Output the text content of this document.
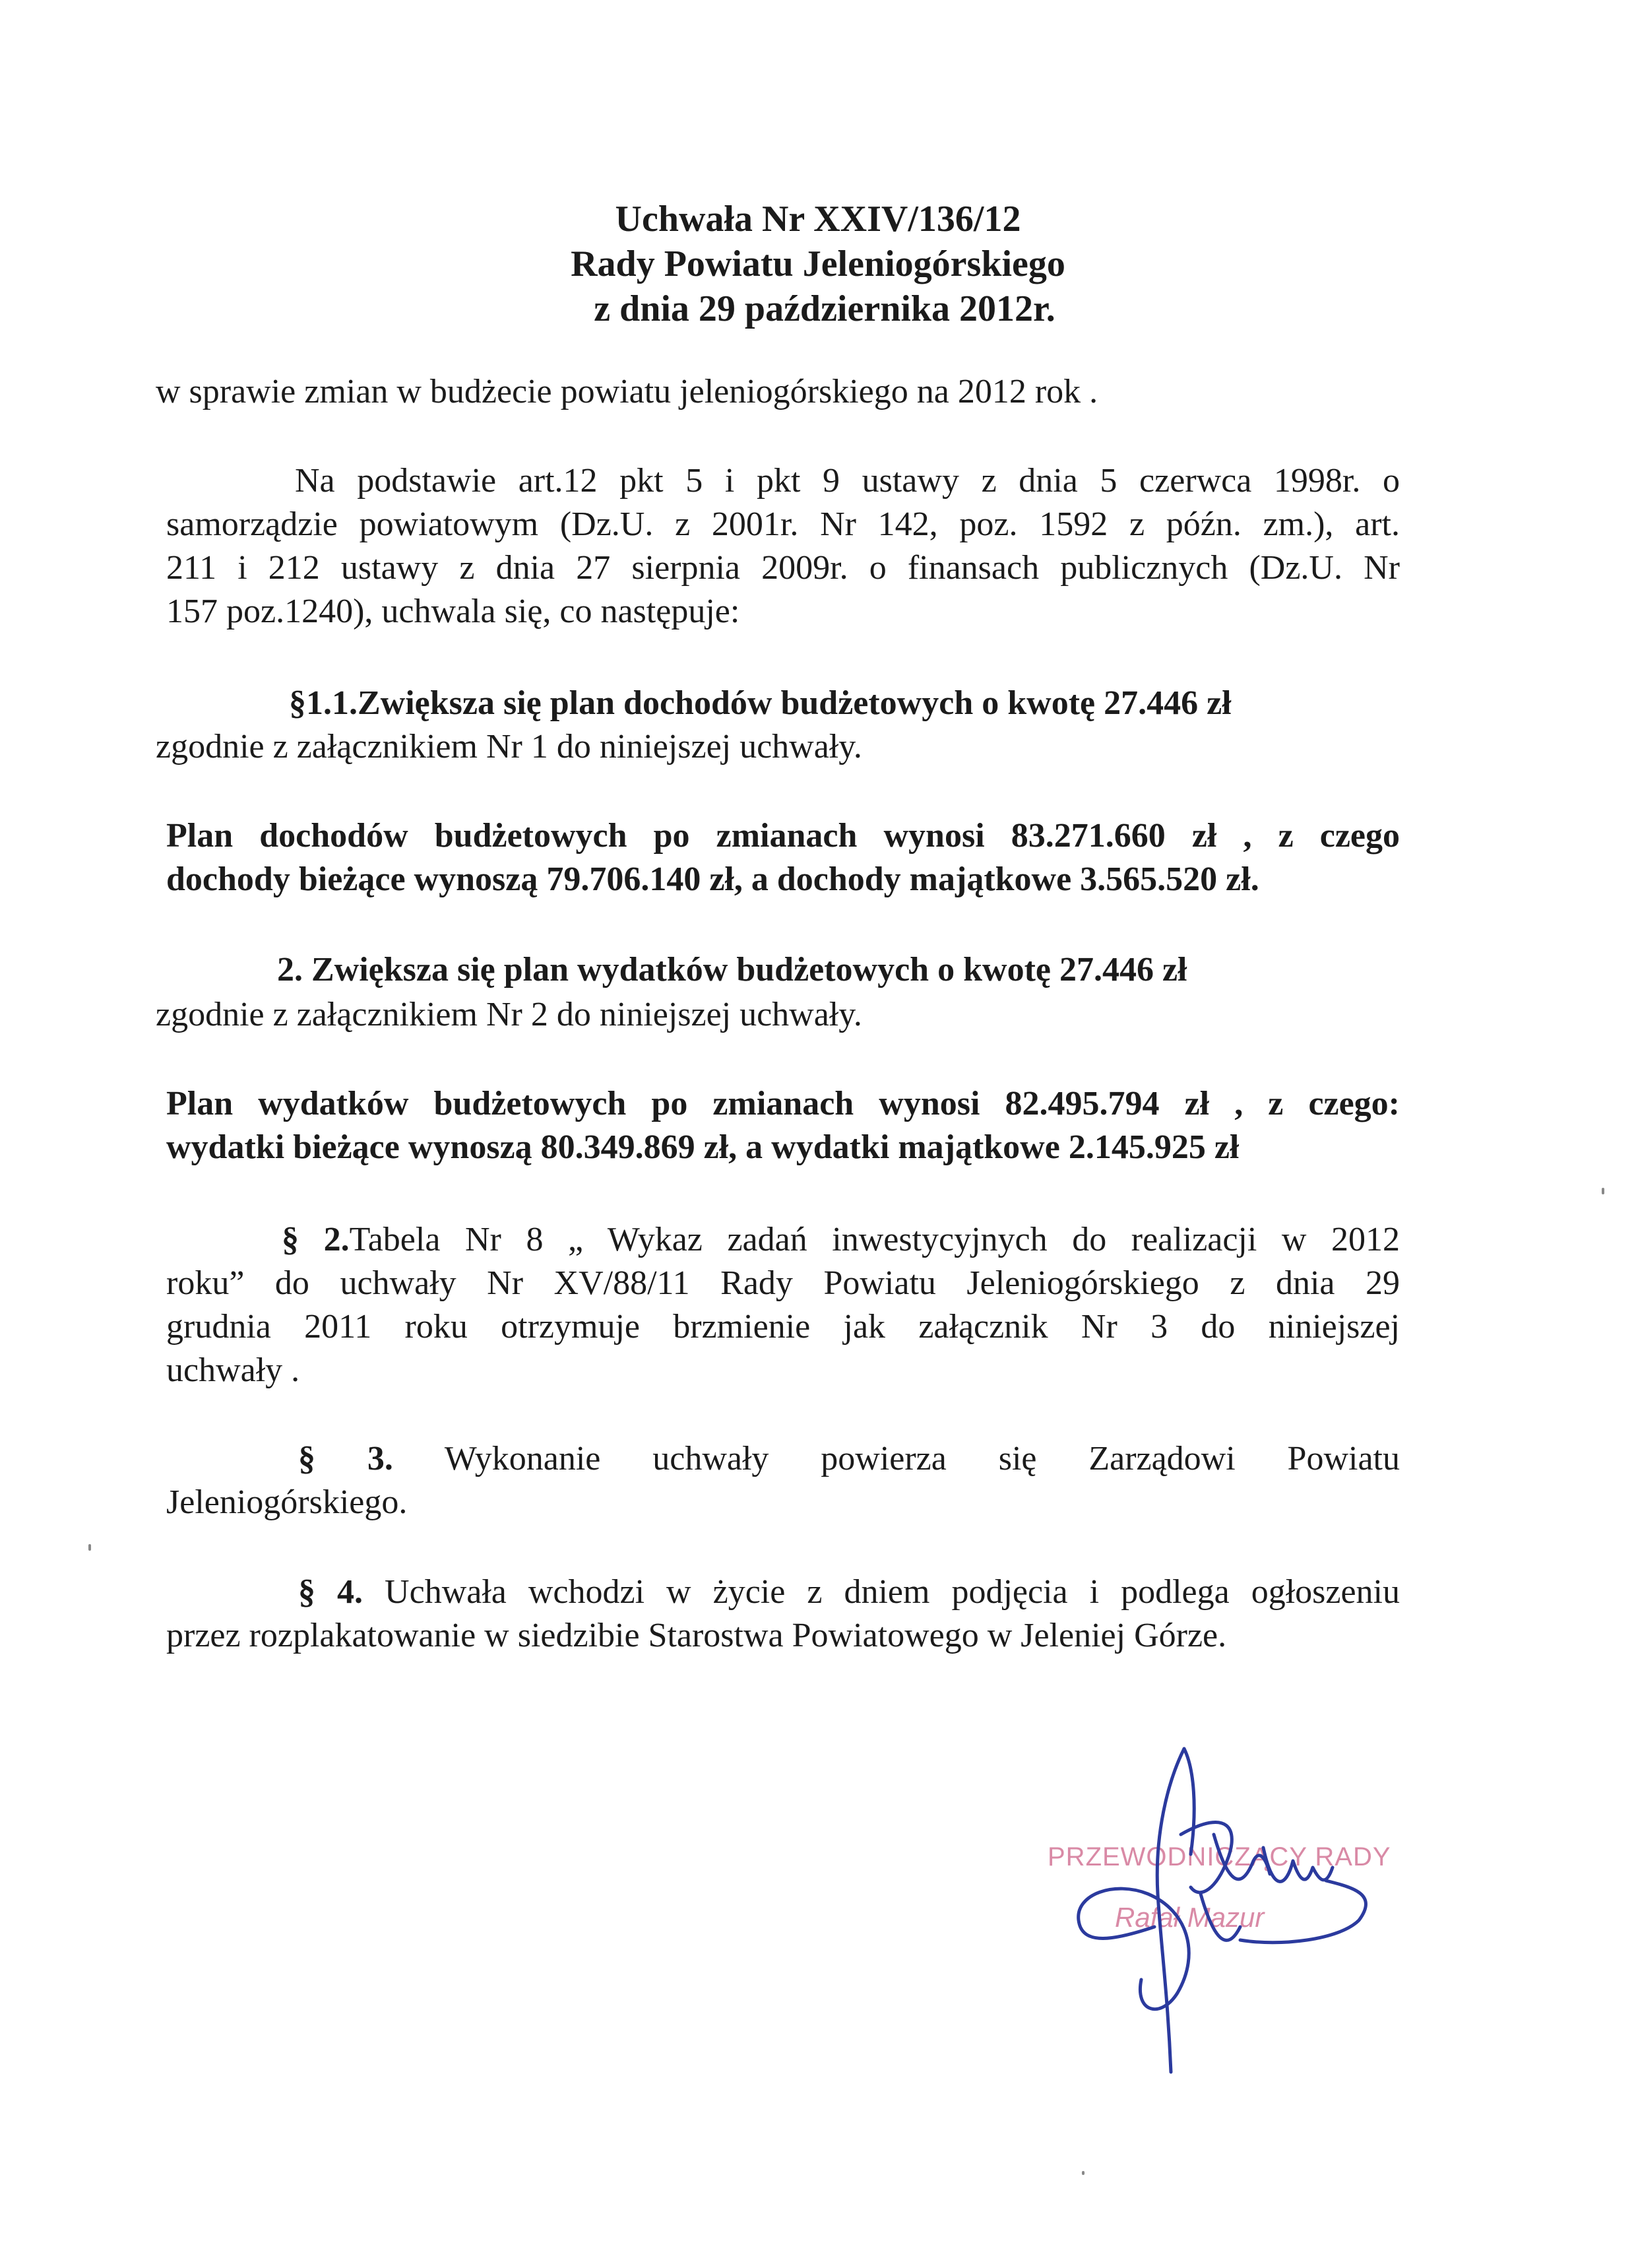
Uchwała Nr XXIV/136/12
Rady Powiatu Jeleniogórskiego
z dnia 29 października 2012r.
w sprawie zmian w budżecie powiatu jeleniogórskiego na 2012 rok .
Na podstawie art.12 pkt 5 i pkt 9 ustawy z dnia 5 czerwca 1998r. o
samorządzie powiatowym (Dz.U. z 2001r. Nr 142, poz. 1592 z późn. zm.), art.
211 i 212 ustawy z dnia 27 sierpnia 2009r. o finansach publicznych (Dz.U. Nr
157 poz.1240), uchwala się, co następuje:
§1.1.Zwiększa się plan dochodów budżetowych o kwotę 27.446 zł
zgodnie z załącznikiem Nr 1 do niniejszej uchwały.
Plan dochodów budżetowych po zmianach wynosi 83.271.660 zł , z czego
dochody bieżące wynoszą 79.706.140 zł, a dochody majątkowe 3.565.520 zł.
2. Zwiększa się plan wydatków budżetowych o kwotę 27.446 zł
zgodnie z załącznikiem Nr 2 do niniejszej uchwały.
Plan wydatków budżetowych po zmianach wynosi 82.495.794 zł , z czego:
wydatki bieżące wynoszą 80.349.869 zł, a wydatki majątkowe 2.145.925 zł
§ 2.Tabela Nr 8 „ Wykaz zadań inwestycyjnych do realizacji w 2012
roku” do uchwały Nr XV/88/11 Rady Powiatu Jeleniogórskiego z dnia 29
grudnia 2011 roku otrzymuje brzmienie jak załącznik Nr 3 do niniejszej
uchwały .
§ 3. Wykonanie uchwały powierza się Zarządowi Powiatu
Jeleniogórskiego.
§ 4. Uchwała wchodzi w życie z dniem podjęcia i podlega ogłoszeniu
przez rozplakatowanie w siedzibie Starostwa Powiatowego w Jeleniej Górze.
PRZEWODNICZĄCY RADY
Rafał Mazur
